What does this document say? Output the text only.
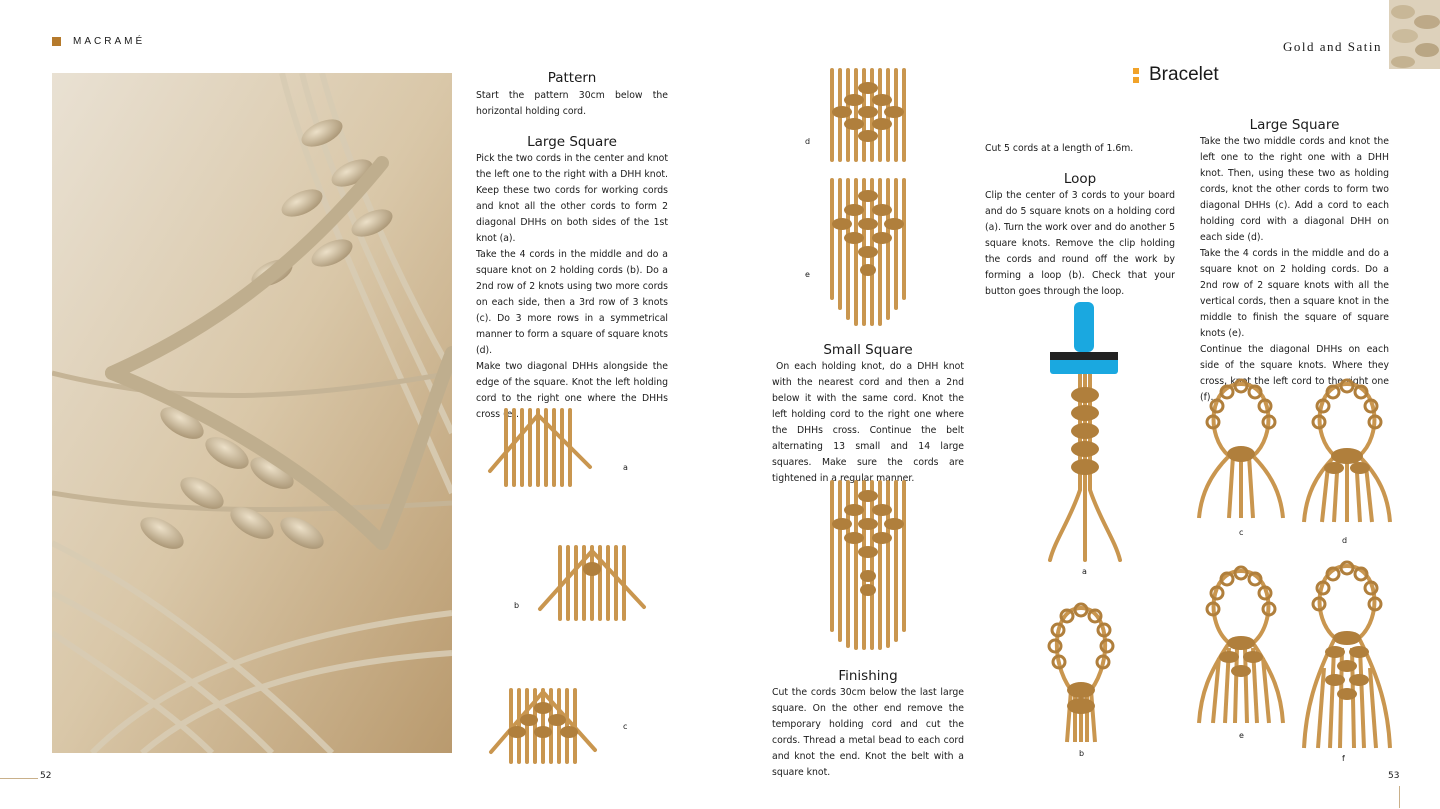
MACRAMÉ	Gold and Satin
Pattern

Start the pattern 30cm below the horizontal holding cord.

Large Square

Pick the two cords in the center and knot the left one to the right with a DHH knot. Keep these two cords for working cords and knot all the other cords to form 2 diagonal DHHs on both sides of the 1st knot (a).
Take the 4 cords in the middle and do a square knot on 2 holding cords (b). Do a 2nd row of 2 knots using two more cords on each side, then a 3rd row of 3 knots (c). Do 3 more rows in a symmetrical manner to form a square of square knots (d).
Make two diagonal DHHs alongside the edge of the square. Knot the left holding cord to the right one where the DHHs cross (e).

a
b
c
d
e
Small Square

On each holding knot, do a DHH knot with the nearest cord and then a 2nd below it with the same cord. Knot the left holding cord to the right one where the DHHs cross. Continue the belt alternating 13 small and 14 large squares. Make sure the cords are tightened in a regular manner.

Finishing

Cut the cords 30cm below the last large square. On the other end remove the temporary holding cord and cut the cords. Thread a metal bead to each cord and knot the end. Knot the belt with a square knot.

Bracelet

Cut 5 cords at a length of 1.6m.

Loop

Clip the center of 3 cords to your board and do 5 square knots on a holding cord (a). Turn the work over and do another 5 square knots. Remove the clip holding the cords and round off the work by forming a loop (b). Check that your button goes through the loop.

Large Square

Take the two middle cords and knot the left one to the right one with a DHH knot. Then, using these two as holding cords, knot the other cords to form two diagonal DHHs (c). Add a cord to each holding cord with a diagonal DHH on each side (d).
Take the 4 cords in the middle and do a square knot on 2 holding cords. Do a 2nd row of 2 square knots with all the vertical cords, then a square knot in the middle to finish the square of square knots (e).
Continue the diagonal DHHs on each side of the square knots. Where they cross, knot the left cord to the right one (f).

a
b
c
d
e
f
52	53
